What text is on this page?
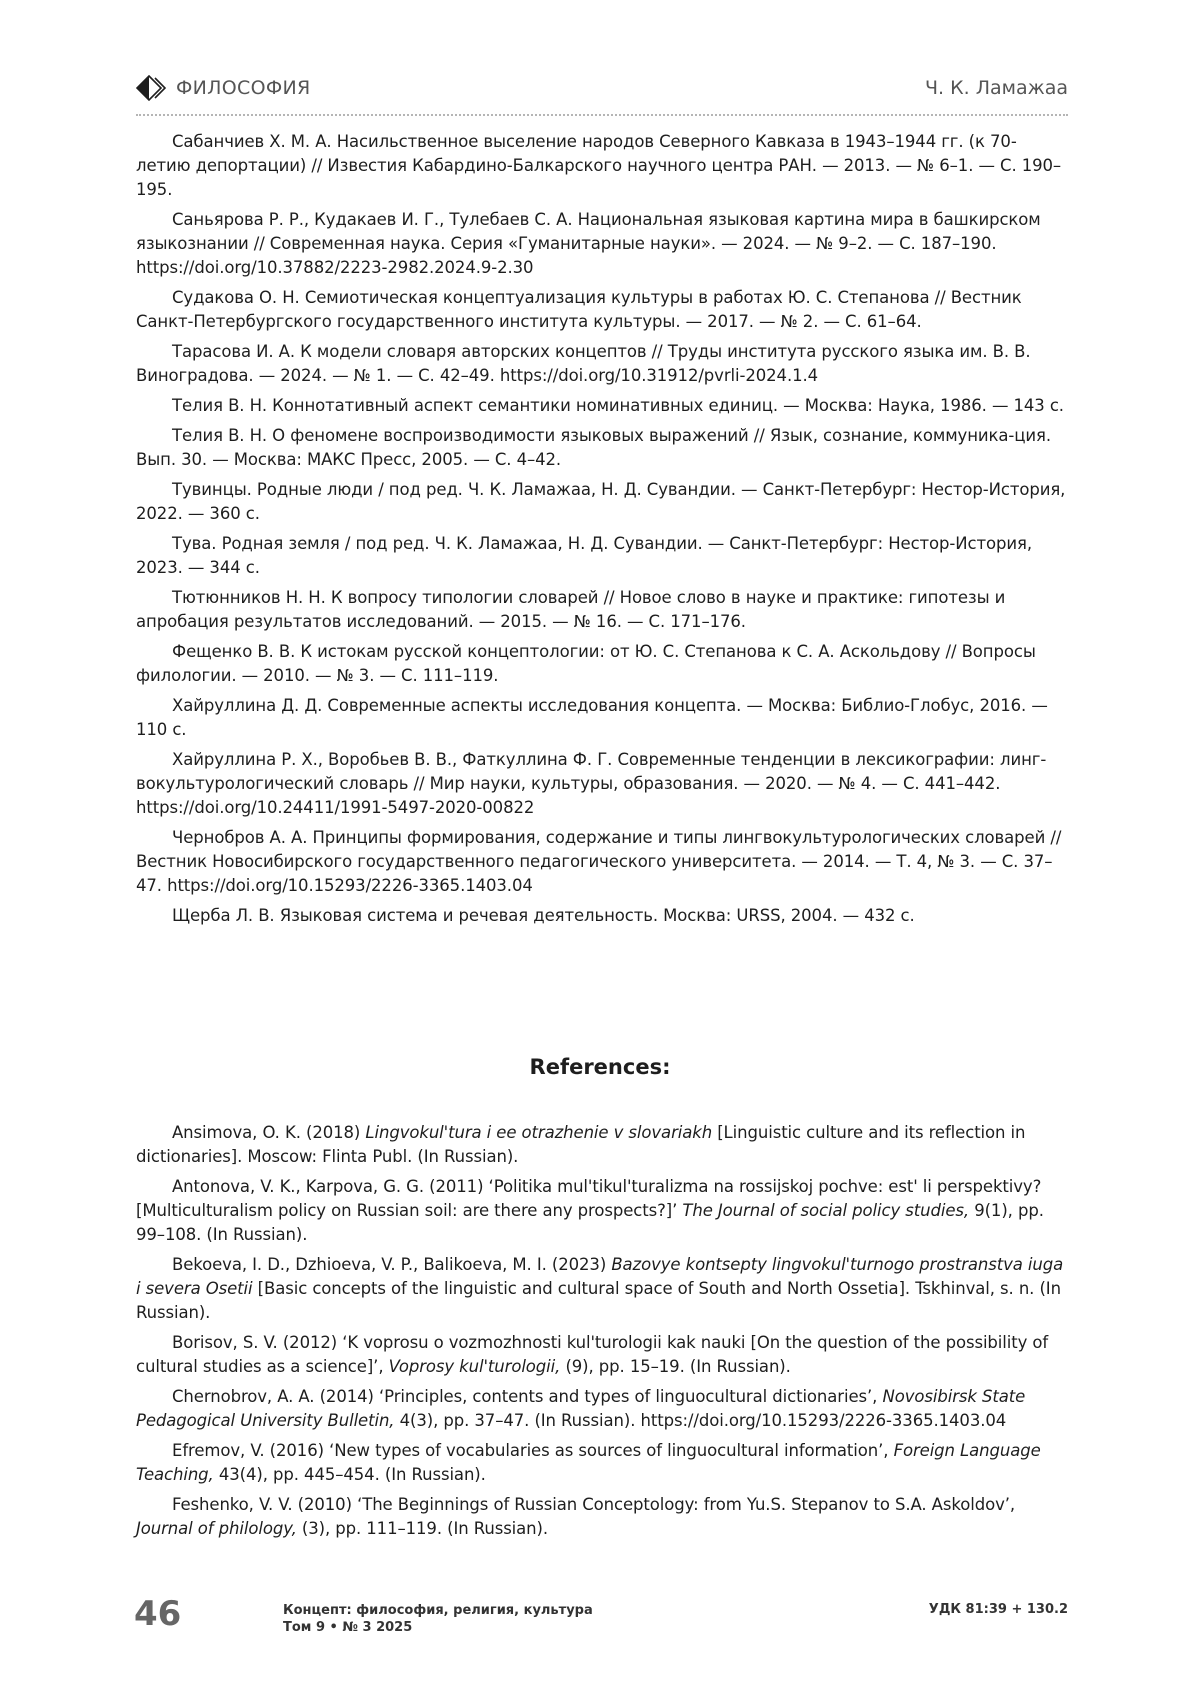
ФИЛОСОФИЯ	Ч. К. Ламажаа

Сабанчиев Х. М. А. Насильственное выселение народов Северного Кавказа в 1943–1944 гг. (к 70-летию депортации) // Известия Кабардино-Балкарского научного центра РАН. — 2013. — № 6–1. — С. 190–195.

Саньярова Р. Р., Кудакаев И. Г., Тулебаев С. А. Национальная языковая картина мира в башкирском языкознании // Современная наука. Серия «Гуманитарные науки». — 2024. — № 9–2. — С. 187–190. https://doi.org/10.37882/2223-2982.2024.9-2.30

Судакова О. Н. Семиотическая концептуализация культуры в работах Ю. С. Степанова // Вестник Санкт-Петербургского государственного института культуры. — 2017. — № 2. — С. 61–64.

Тарасова И. А. К модели словаря авторских концептов // Труды института русского языка им. В. В. Виноградова. — 2024. — № 1. — С. 42–49. https://doi.org/10.31912/pvrli-2024.1.4

Телия В. Н. Коннотативный аспект семантики номинативных единиц. — Москва: Наука, 1986. — 143 с.

Телия В. Н. О феномене воспроизводимости языковых выражений // Язык, сознание, коммуника-ция. Вып. 30. — Москва: МАКС Пресс, 2005. — С. 4–42.

Тувинцы. Родные люди / под ред. Ч. К. Ламажаа, Н. Д. Сувандии. — Санкт-Петербург: Нестор-История, 2022. — 360 с.

Тува. Родная земля / под ред. Ч. К. Ламажаа, Н. Д. Сувандии. — Санкт-Петербург: Нестор-История, 2023. — 344 с.

Тютюнников Н. Н. К вопросу типологии словарей // Новое слово в науке и практике: гипотезы и апробация результатов исследований. — 2015. — № 16. — С. 171–176.

Фещенко В. В. К истокам русской концептологии: от Ю. С. Степанова к С. А. Аскольдову // Вопросы филологии. — 2010. — № 3. — С. 111–119.

Хайруллина Д. Д. Современные аспекты исследования концепта. — Москва: Библио-Глобус, 2016. — 110 с.

Хайруллина Р. Х., Воробьев В. В., Фаткуллина Ф. Г. Современные тенденции в лексикографии: линг-вокультурологический словарь // Мир науки, культуры, образования. — 2020. — № 4. — С. 441–442. https://doi.org/10.24411/1991-5497-2020-00822

Чернобров А. А. Принципы формирования, содержание и типы лингвокультурологических словарей // Вестник Новосибирского государственного педагогического университета. — 2014. — Т. 4, № 3. — С. 37–47. https://doi.org/10.15293/2226-3365.1403.04

Щерба Л. В. Языковая система и речевая деятельность. Москва: URSS, 2004. — 432 с.

References:

Ansimova, O. K. (2018) Lingvokul'tura i ee otrazhenie v slovariakh [Linguistic culture and its reflection in dictionaries]. Moscow: Flinta Publ. (In Russian).

Antonova, V. K., Karpova, G. G. (2011) ‘Politika mul'tikul'turalizma na rossijskoj pochve: est' li perspektivy? [Multiculturalism policy on Russian soil: are there any prospects?]’ The Journal of social policy studies, 9(1), pp. 99–108. (In Russian).

Bekoeva, I. D., Dzhioeva, V. P., Balikoeva, M. I. (2023) Bazovye kontsepty lingvokul'turnogo prostranstva iuga i severa Osetii [Basic concepts of the linguistic and cultural space of South and North Ossetia]. Tskhinval, s. n. (In Russian).

Borisov, S. V. (2012) ‘K voprosu o vozmozhnosti kul'turologii kak nauki [On the question of the possibility of cultural studies as a science]’, Voprosy kul'turologii, (9), pp. 15–19. (In Russian).

Chernobrov, A. A. (2014) ‘Principles, contents and types of linguocultural dictionaries’, Novosibirsk State Pedagogical University Bulletin, 4(3), pp. 37–47. (In Russian). https://doi.org/10.15293/2226-3365.1403.04

Efremov, V. (2016) ‘New types of vocabularies as sources of linguocultural information’, Foreign Language Teaching, 43(4), pp. 445–454. (In Russian).

Feshenko, V. V. (2010) ‘The Beginnings of Russian Conceptology: from Yu.S. Stepanov to S.A. Askoldov’, Journal of philology, (3), pp. 111–119. (In Russian).

46	Концепт: философия, религия, культура
Том 9 • № 3 2025
УДК 81:39 + 130.2
